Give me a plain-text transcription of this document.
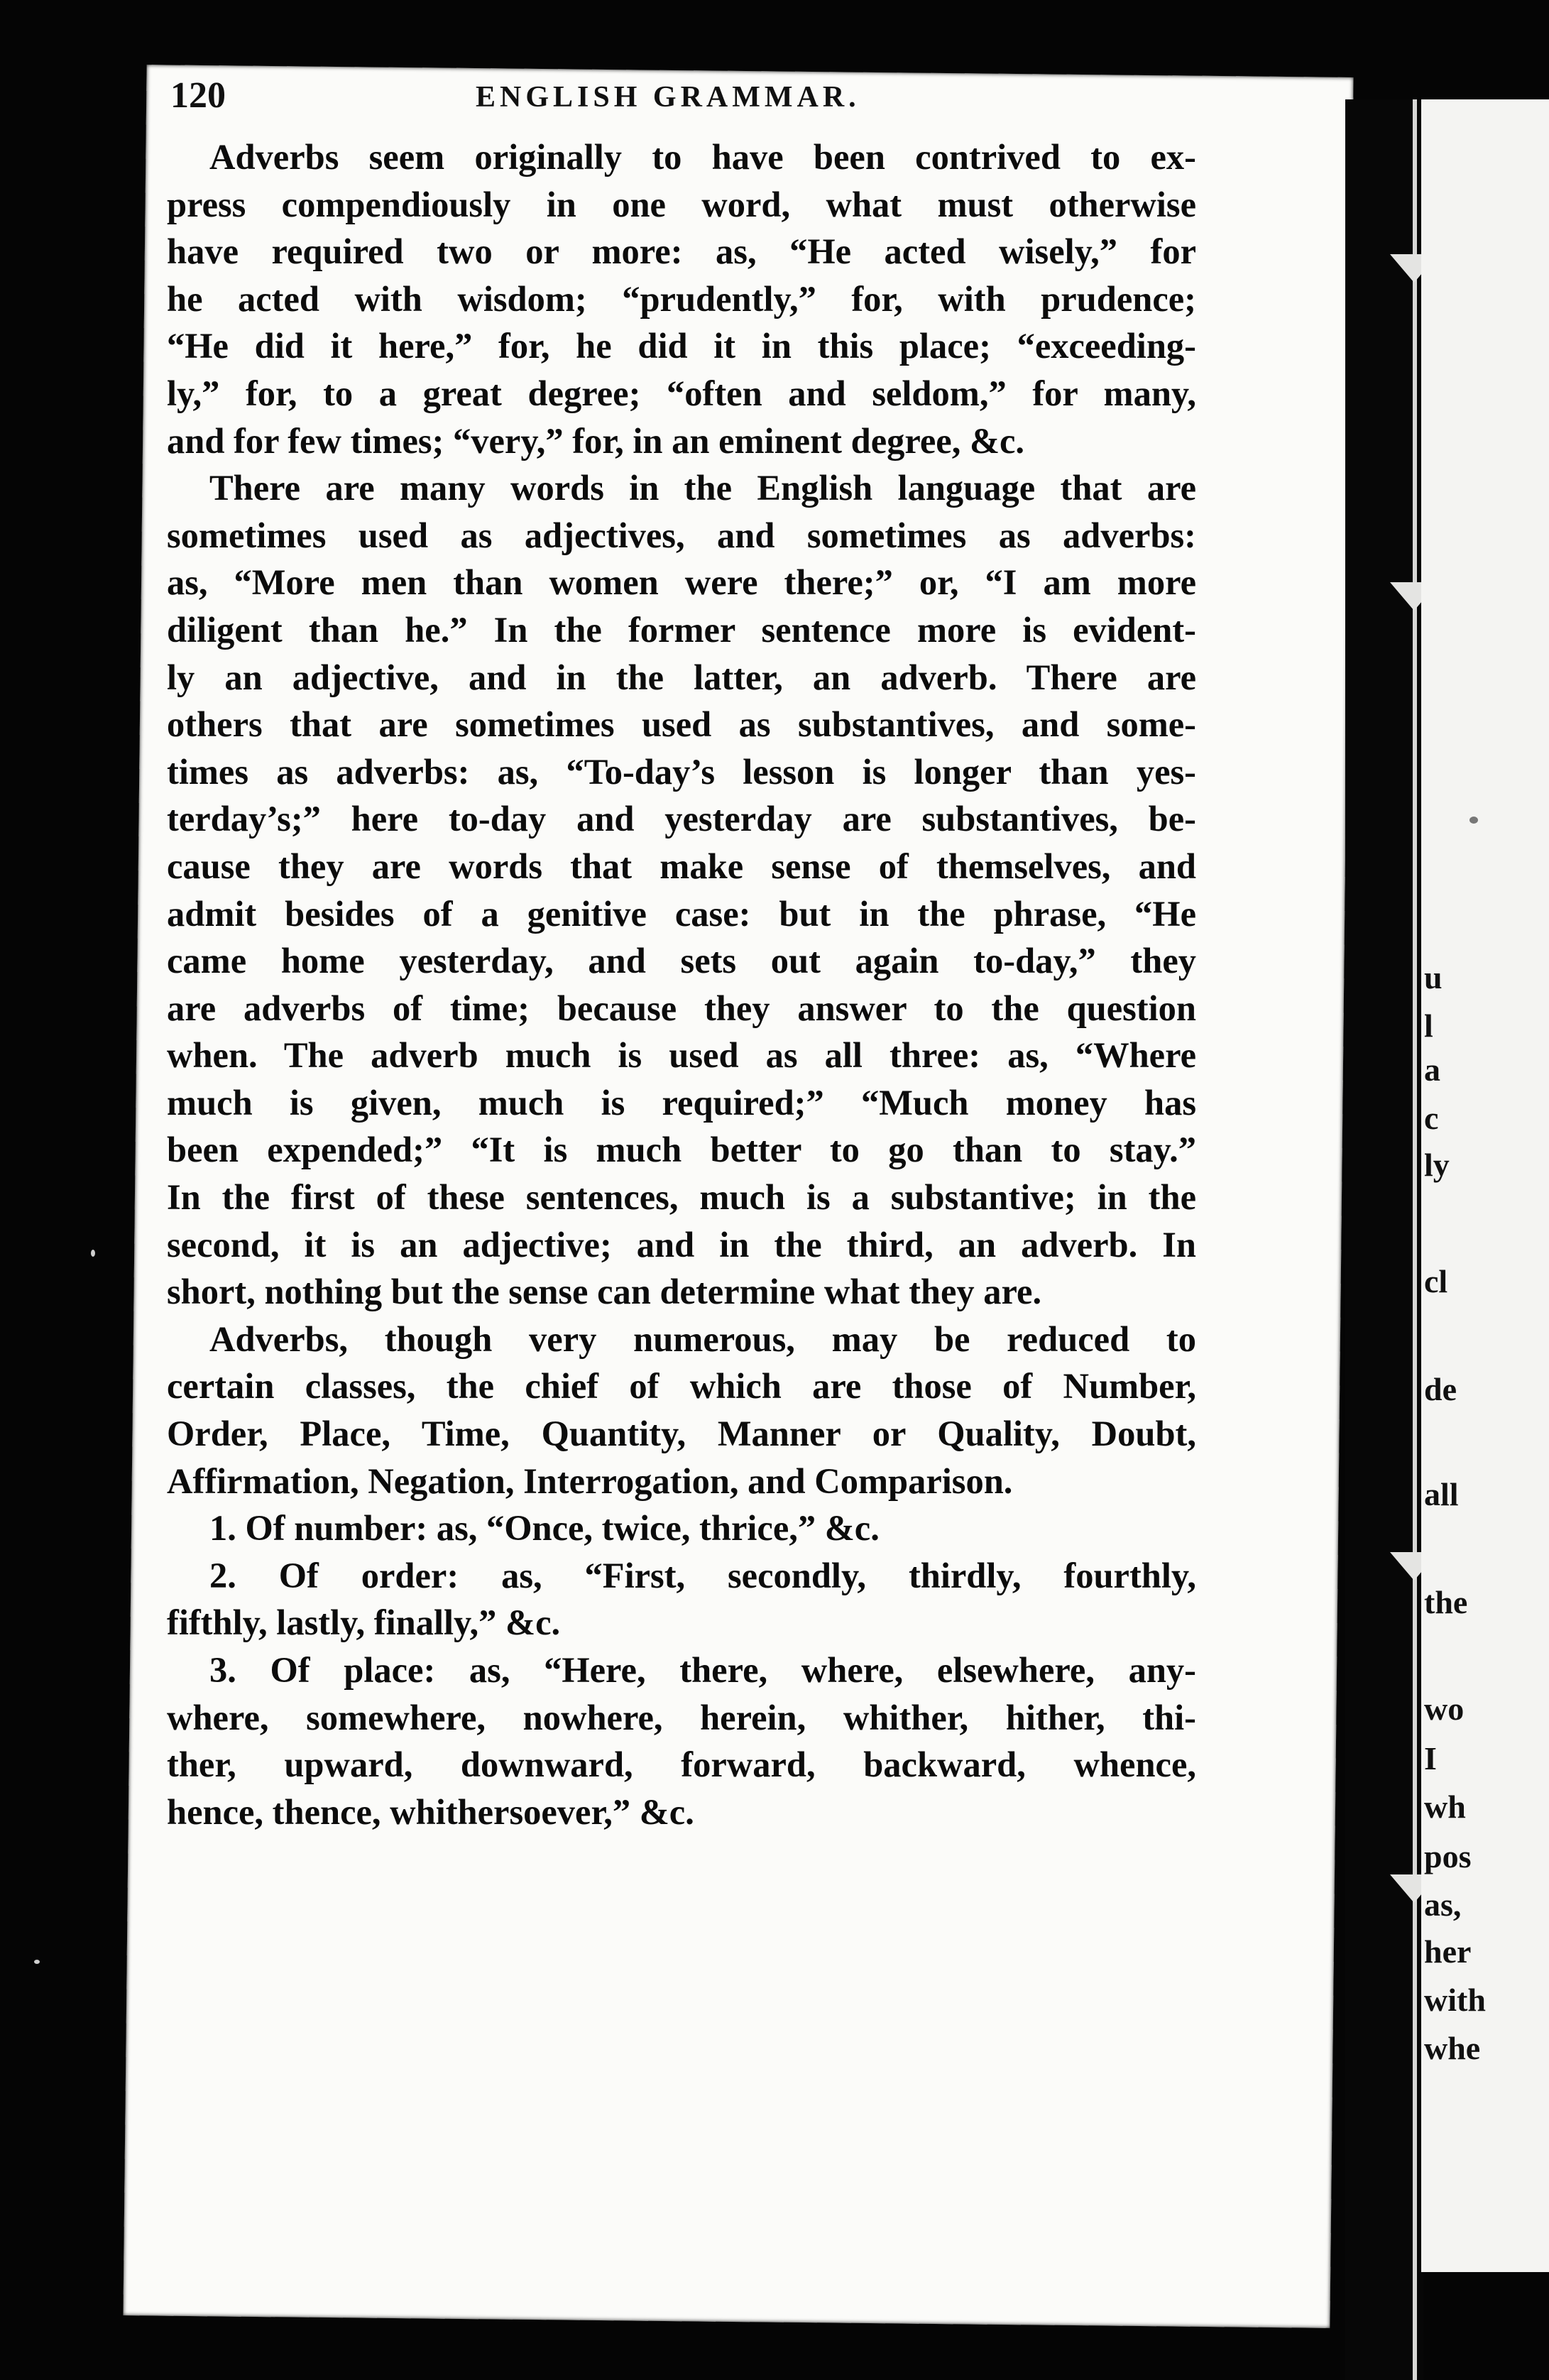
120	ENGLISH GRAMMAR.

Adverbs seem originally to have been contrived to ex-

press compendiously in one word, what must otherwise

have required two or more: as, “He acted wisely,” for

he acted with wisdom; “prudently,” for, with prudence;

“He did it here,” for, he did it in this place; “exceeding-

ly,” for, to a great degree; “often and seldom,” for many,

and for few times; “very,” for, in an eminent degree, &c.

There are many words in the English language that are

sometimes used as adjectives, and sometimes as adverbs:

as, “More men than women were there;” or, “I am more

diligent than he.” In the former sentence more is evident-

ly an adjective, and in the latter, an adverb. There are

others that are sometimes used as substantives, and some-

times as adverbs: as, “To-day’s lesson is longer than yes-

terday’s;” here to-day and yesterday are substantives, be-

cause they are words that make sense of themselves, and

admit besides of a genitive case: but in the phrase, “He

came home yesterday, and sets out again to-day,” they

are adverbs of time; because they answer to the question

when. The adverb much is used as all three: as, “Where

much is given, much is required;” “Much money has

been expended;” “It is much better to go than to stay.”

In the first of these sentences, much is a substantive; in the

second, it is an adjective; and in the third, an adverb. In

short, nothing but the sense can determine what they are.

Adverbs, though very numerous, may be reduced to

certain classes, the chief of which are those of Number,

Order, Place, Time, Quantity, Manner or Quality, Doubt,

Affirmation, Negation, Interrogation, and Comparison.

1. Of number: as, “Once, twice, thrice,” &c.

2. Of order: as, “First, secondly, thirdly, fourthly,

fifthly, lastly, finally,” &c.

3. Of place: as, “Here, there, where, elsewhere, any-

where, somewhere, nowhere, herein, whither, hither, thi-

ther, upward, downward, forward, backward, whence,

hence, thence, whithersoever,” &c.

u
l
a
c
ly
cl
de
all
the
wo
I
wh
pos
as,
her
with
whe
